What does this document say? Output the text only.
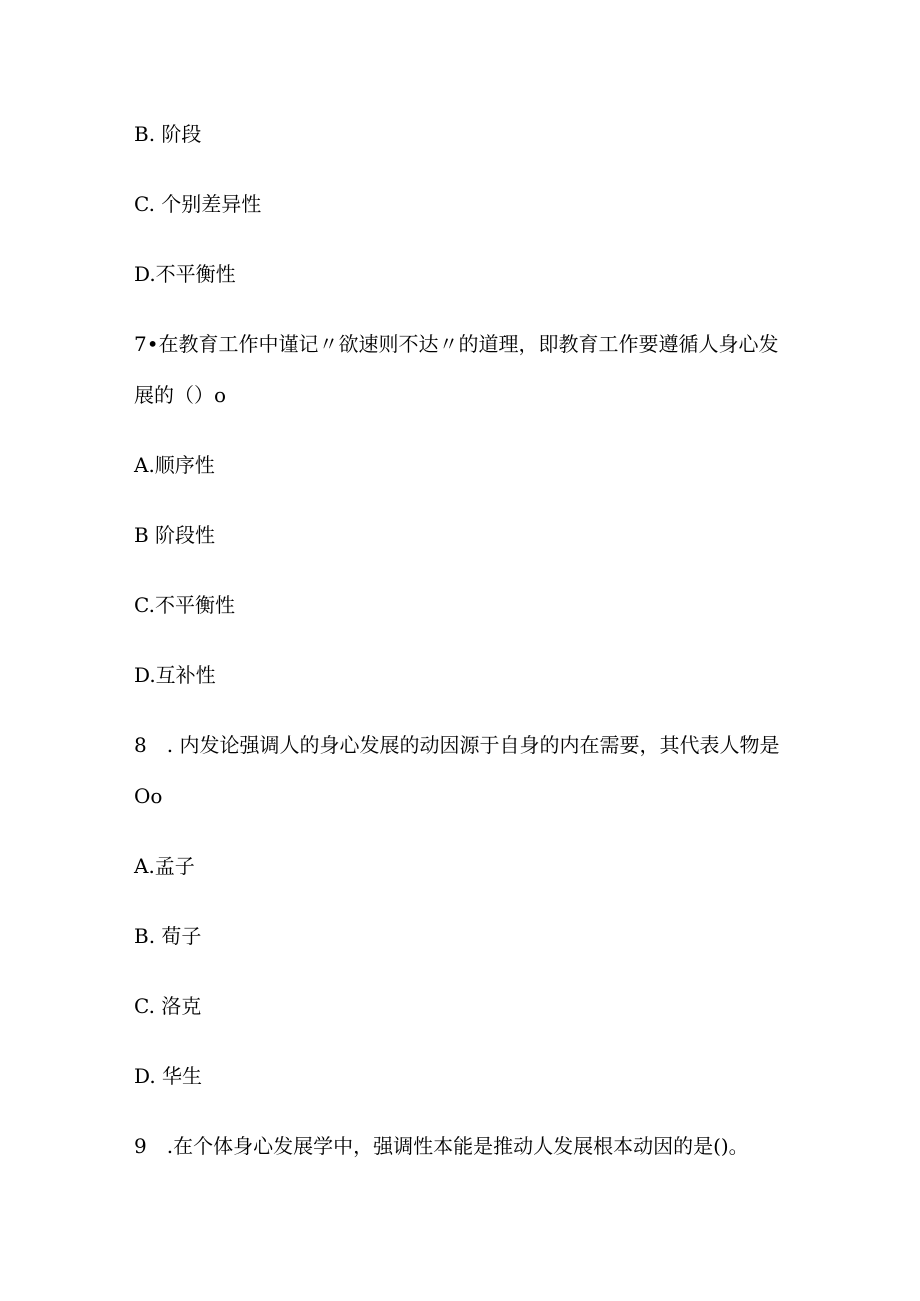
B. 阶段
C. 个别差异性
D.不平衡性
7•在教育工作中谨记〃欲速则不达〃的道理，即教育工作要遵循人身心发
展的（）o
A.顺序性
B 阶段性
C.不平衡性
D.互补性
8　. 内发论强调人的身心发展的动因源于自身的内在需要，其代表人物是
Oo
A.孟子
B. 荀子
C. 洛克
D. 华生
9　.在个体身心发展学中，强调性本能是推动人发展根本动因的是()。
